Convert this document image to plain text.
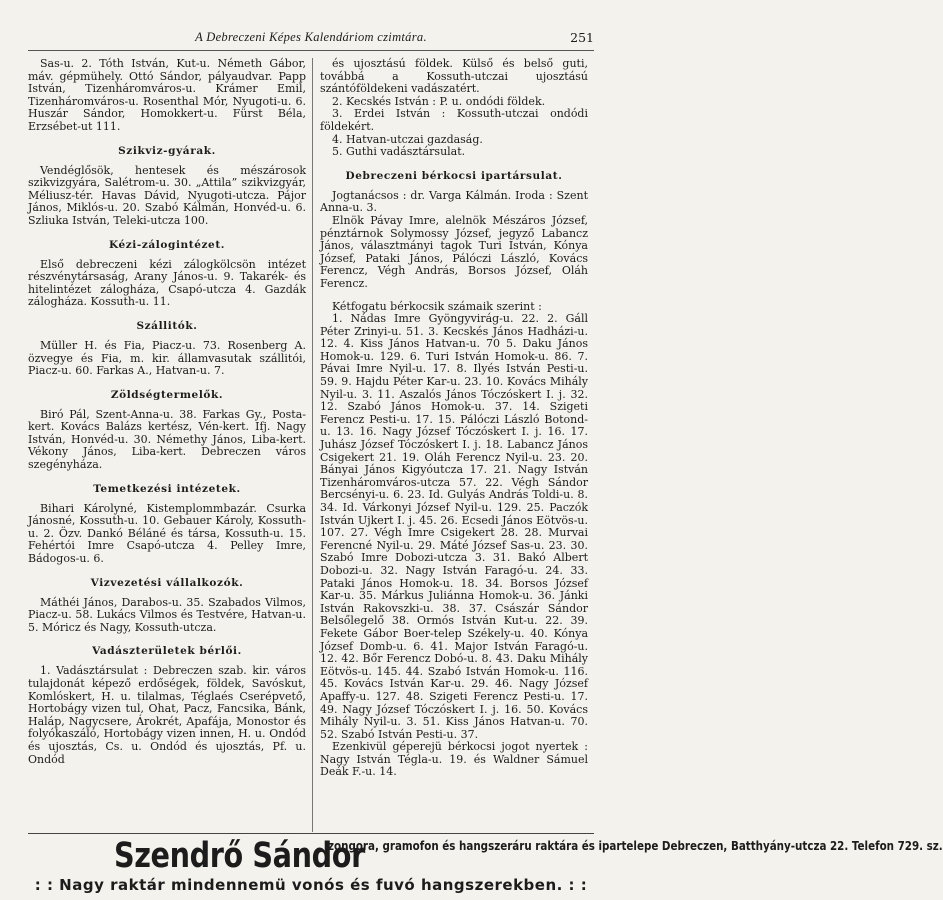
A Debreczeni Képes Kalendáriom czimtára.	251

Sas-u. 2. Tóth István, Kut-u. Németh Gábor, máv. gépmühely. Ottó Sándor, pályaudvar. Papp István, Tizenháromváros-u. Krámer Emil, Tizenháromváros-u. Rosenthal Mór, Nyugoti-u. 6. Huszár Sándor, Homokkert-u. Fürst Béla, Erzsébet-ut 111.

Szikviz-gyárak.

Vendéglősök, hentesek és mészárosok szikvizgyára, Salétrom-u. 30. „Attila” szikvizgyár, Méliusz-tér. Havas Dávid, Nyugoti-utcza. Pájor János, Miklós-u. 20. Szabó Kálmán, Honvéd-u. 6. Szliuka István, Teleki-utcza 100.

Kézi-zálogintézet.

Első debreczeni kézi zálogkölcsön intézet részvénytársaság, Arany János-u. 9. Takarék- és hitelintézet zálogháza, Csapó-utcza 4. Gazdák zálogháza. Kossuth-u. 11.

Szállitók.

Müller H. és Fia, Piacz-u. 73. Rosenberg A. özvegye és Fia, m. kir. államvasutak szállitói, Piacz-u. 60. Farkas A., Hatvan-u. 7.

Zöldségtermelők.

Biró Pál, Szent-Anna-u. 38. Farkas Gy., Posta-kert. Kovács Balázs kertész, Vén-kert. Ifj. Nagy István, Honvéd-u. 30. Némethy János, Liba-kert. Vékony János, Liba-kert. Debreczen város szegényháza.

Temetkezési intézetek.

Bihari Károlyné, Kistemplommbazár. Csurka Jánosné, Kossuth-u. 10. Gebauer Károly, Kossuth-u. 2. Özv. Dankó Béláné és társa, Kossuth-u. 15. Fehértói Imre Csapó-utcza 4. Pelley Imre, Bádogos-u. 6.

Vizvezetési vállalkozók.

Máthéi János, Darabos-u. 35. Szabados Vilmos, Piacz-u. 58. Lukács Vilmos és Testvére, Hatvan-u. 5. Móricz és Nagy, Kossuth-utcza.

Vadászterületek bérlői.

1. Vadásztársulat : Debreczen szab. kir. város tulajdonát képező erdőségek, földek, Savóskut, Komlóskert, H. u. tilalmas, Téglaés Cserépvető, Hortobágy vizen tul, Ohat, Pacz, Fancsika, Bánk, Haláp, Nagycsere, Árokrét, Apafája, Monostor és folyókaszáló, Hortobágy vizen innen, H. u. Ondód és ujosztás, Cs. u. Ondód és ujosztás, Pf. u. Ondód

és ujosztású földek. Külső és belső guti, továbbá a Kossuth-utczai ujosztású szántóföldekeni vadászatért.

2. Kecskés István : P. u. ondódi földek.

3. Erdei István : Kossuth-utczai ondódi földekért.

4. Hatvan-utczai gazdaság.

5. Guthi vadásztársulat.

Debreczeni bérkocsi ipartársulat.

Jogtanácsos : dr. Varga Kálmán. Iroda : Szent Anna-u. 3.

Elnök Pávay Imre, alelnök Mészáros József, pénztárnok Solymossy József, jegyző Labancz János, választmányi tagok Turi István, Kónya József, Pataki János, Pálóczi László, Kovács Ferencz, Végh András, Borsos József, Oláh Ferencz.

Kétfogatu bérkocsik számaik szerint :

1. Nádas Imre Gyöngyvirág-u. 22. 2. Gáll Péter Zrinyi-u. 51. 3. Kecskés János Hadházi-u. 12. 4. Kiss János Hatvan-u. 70 5. Daku János Homok-u. 129. 6. Turi István Homok-u. 86. 7. Pávai Imre Nyil-u. 17. 8. Ilyés István Pesti-u. 59. 9. Hajdu Péter Kar-u. 23. 10. Kovács Mihály Nyil-u. 3. 11. Aszalós János Tóczóskert I. j. 32. 12. Szabó János Homok-u. 37. 14. Szigeti Ferencz Pesti-u. 17. 15. Pálóczi László Botond-u. 13. 16. Nagy József Tóczóskert I. j. 16. 17. Juhász József Tóczóskert I. j. 18. Labancz János Csigekert 21. 19. Oláh Ferencz Nyil-u. 23. 20. Bányai János Kigyóutcza 17. 21. Nagy István Tizenháromváros-utcza 57. 22. Végh Sándor Bercsényi-u. 6. 23. Id. Gulyás András Toldi-u. 8. 34. Id. Várkonyi József Nyil-u. 129. 25. Paczók István Ujkert I. j. 45. 26. Ecsedi János Eötvös-u. 107. 27. Végh Imre Csigekert 28. 28. Murvai Ferencné Nyil-u. 29. Máté József Sas-u. 23. 30. Szabó Imre Dobozi-utcza 3. 31. Bakó Albert Dobozi-u. 32. Nagy István Faragó-u. 24. 33. Pataki János Homok-u. 18. 34. Borsos József Kar-u. 35. Márkus Juliánna Homok-u. 36. Jánki István Rakovszki-u. 38. 37. Császár Sándor Belsőlegelő 38. Ormós István Kut-u. 22. 39. Fekete Gábor Boer-telep Székely-u. 40. Kónya József Domb-u. 6. 41. Major István Faragó-u. 12. 42. Bőr Ferencz Dobó-u. 8. 43. Daku Mihály Eötvös-u. 145. 44. Szabó István Homok-u. 116. 45. Kovács István Kar-u. 29. 46. Nagy József Apaffy-u. 127. 48. Szigeti Ferencz Pesti-u. 17. 49. Nagy József Tóczóskert I. j. 16. 50. Kovács Mihály Nyil-u. 3. 51. Kiss János Hatvan-u. 70. 52. Szabó István Pesti-u. 37.

Ezenkivül géperejü bérkocsi jogot nyertek : Nagy István Tégla-u. 19. és Waldner Sámuel Deák F.-u. 14.

Szendrő Sándor
zongora, gramofon és hangszeráru raktára és ipartelepe Debreczen, Batthyány-utcza 22. Telefon 729. sz.
: : Nagy raktár mindennemü vonós és fuvó hangszerekben. : :
